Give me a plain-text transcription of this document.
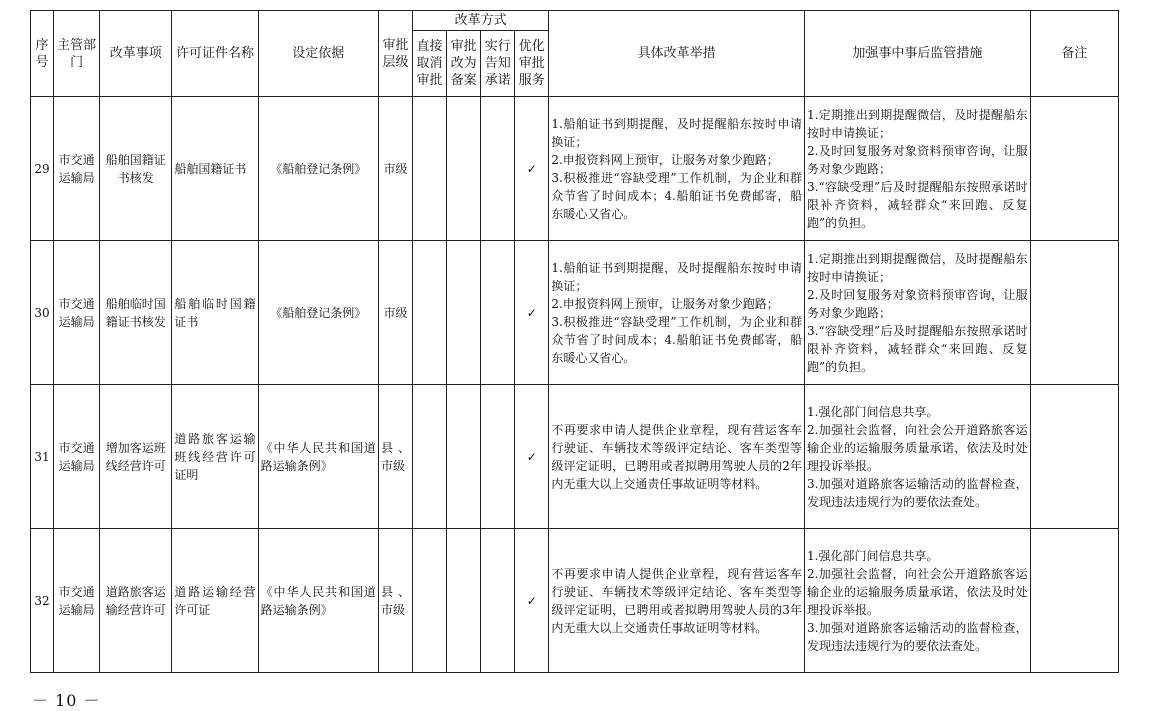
序号	主管部门	改革事项	许可证件名称	设定依据	审批层级	改革方式				具体改革举措	加强事中事后监管措施	备注
						直接取消审批	审批改为备案	实行告知承诺	优化审批服务			
29	市交通运输局	船舶国籍证书核发	船舶国籍证书	《船舶登记条例》	市级				✓	1.船舶证书到期提醒，及时提醒船东按时申请换证；
2.申报资料网上预审，让服务对象少跑路；
3.积极推进“容缺受理”工作机制，为企业和群众节省了时间成本；4.船舶证书免费邮寄，船东暖心又省心。	1.定期推出到期提醒微信，及时提醒船东按时申请换证；
2.及时回复服务对象资料预审咨询，让服务对象少跑路；
3.“容缺受理”后及时提醒船东按照承诺时限补齐资料，减轻群众“来回跑、反复跑”的负担。	

30	市交通运输局	船舶临时国籍证书核发	船舶临时国籍证书	《船舶登记条例》	市级				✓	1.船舶证书到期提醒，及时提醒船东按时申请换证；
2.申报资料网上预审，让服务对象少跑路；
3.积极推进“容缺受理”工作机制，为企业和群众节省了时间成本；4.船舶证书免费邮寄，船东暖心又省心。	1.定期推出到期提醒微信，及时提醒船东按时申请换证；
2.及时回复服务对象资料预审咨询，让服务对象少跑路；
3.“容缺受理”后及时提醒船东按照承诺时限补齐资料，减轻群众“来回跑、反复跑”的负担。	

31	市交通运输局	增加客运班线经营许可	道路旅客运输班线经营许可证明	《中华人民共和国道路运输条例》	县、市级				✓	不再要求申请人提供企业章程，现有营运客车行驶证、车辆技术等级评定结论、客车类型等级评定证明，已聘用或者拟聘用驾驶人员的2年内无重大以上交通责任事故证明等材料。	1.强化部门间信息共享。
2.加强社会监督，向社会公开道路旅客运输企业的运输服务质量承诺，依法及时处理投诉举报。
3.加强对道路旅客运输活动的监督检查，发现违法违规行为的要依法查处。	

32	市交通运输局	道路旅客运输经营许可	道路运输经营许可证	《中华人民共和国道路运输条例》	县、市级				✓	不再要求申请人提供企业章程，现有营运客车行驶证、车辆技术等级评定结论、客车类型等级评定证明，已聘用或者拟聘用驾驶人员的3年内无重大以上交通责任事故证明等材料。	1.强化部门间信息共享。
2.加强社会监督，向社会公开道路旅客运输企业的运输服务质量承诺，依法及时处理投诉举报。
3.加强对道路旅客运输活动的监督检查，发现违法违规行为的要依法查处。	

－ 10 －
